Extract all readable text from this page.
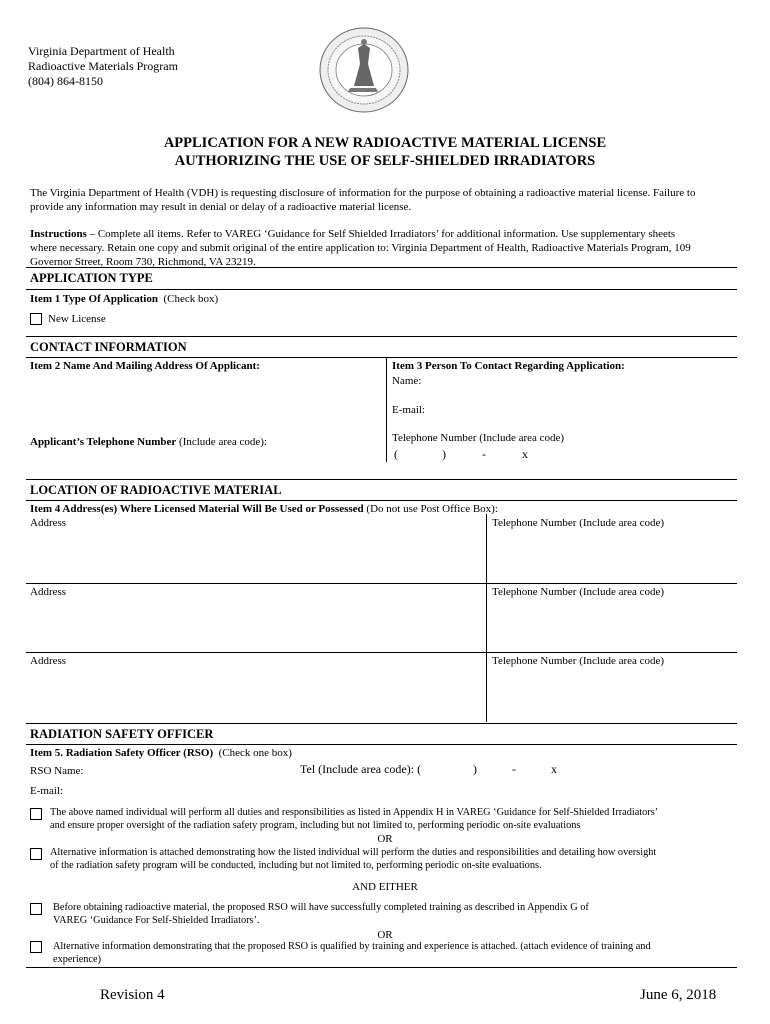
Virginia Department of Health
Radioactive Materials Program
(804) 864-8150
APPLICATION FOR A NEW RADIOACTIVE MATERIAL LICENSE
AUTHORIZING THE USE OF SELF-SHIELDED IRRADIATORS
The Virginia Department of Health (VDH) is requesting disclosure of information for the purpose of obtaining a radioactive material license. Failure to
provide any information may result in denial or delay of a radioactive material license.
Instructions – Complete all items. Refer to VAREG ‘Guidance for Self Shielded Irradiators’ for additional information. Use supplementary sheets
where necessary. Retain one copy and submit original of the entire application to: Virginia Department of Health, Radioactive Materials Program, 109
Governor Street, Room 730, Richmond, VA 23219.
APPLICATION TYPE
Item 1 Type Of Application (Check box)
New License
CONTACT INFORMATION
Item 2 Name And Mailing Address Of Applicant:
Applicant’s Telephone Number (Include area code):
Item 3 Person To Contact Regarding Application:
Name:
E-mail:
Telephone Number (Include area code)
(	)	-	x
LOCATION OF RADIOACTIVE MATERIAL
Item 4 Address(es) Where Licensed Material Will Be Used or Possessed (Do not use Post Office Box):
Address	Telephone Number (Include area code)
Address	Telephone Number (Include area code)
Address	Telephone Number (Include area code)
RADIATION SAFETY OFFICER
Item 5. Radiation Safety Officer (RSO) (Check one box)
RSO Name:	Tel (Include area code): (	)	-	x
E-mail:
The above named individual will perform all duties and responsibilities as listed in Appendix H in VAREG ‘Guidance for Self-Shielded Irradiators’
and ensure proper oversight of the radiation safety program, including but not limited to, performing periodic on-site evaluations
OR
Alternative information is attached demonstrating how the listed individual will perform the duties and responsibilities and detailing how oversight
of the radiation safety program will be conducted, including but not limited to, performing periodic on-site evaluations.
AND EITHER
Before obtaining radioactive material, the proposed RSO will have successfully completed training as described in Appendix G of
VAREG ‘Guidance For Self-Shielded Irradiators’.
OR
Alternative information demonstrating that the proposed RSO is qualified by training and experience is attached. (attach evidence of training and
experience)
Revision 4	June 6, 2018
